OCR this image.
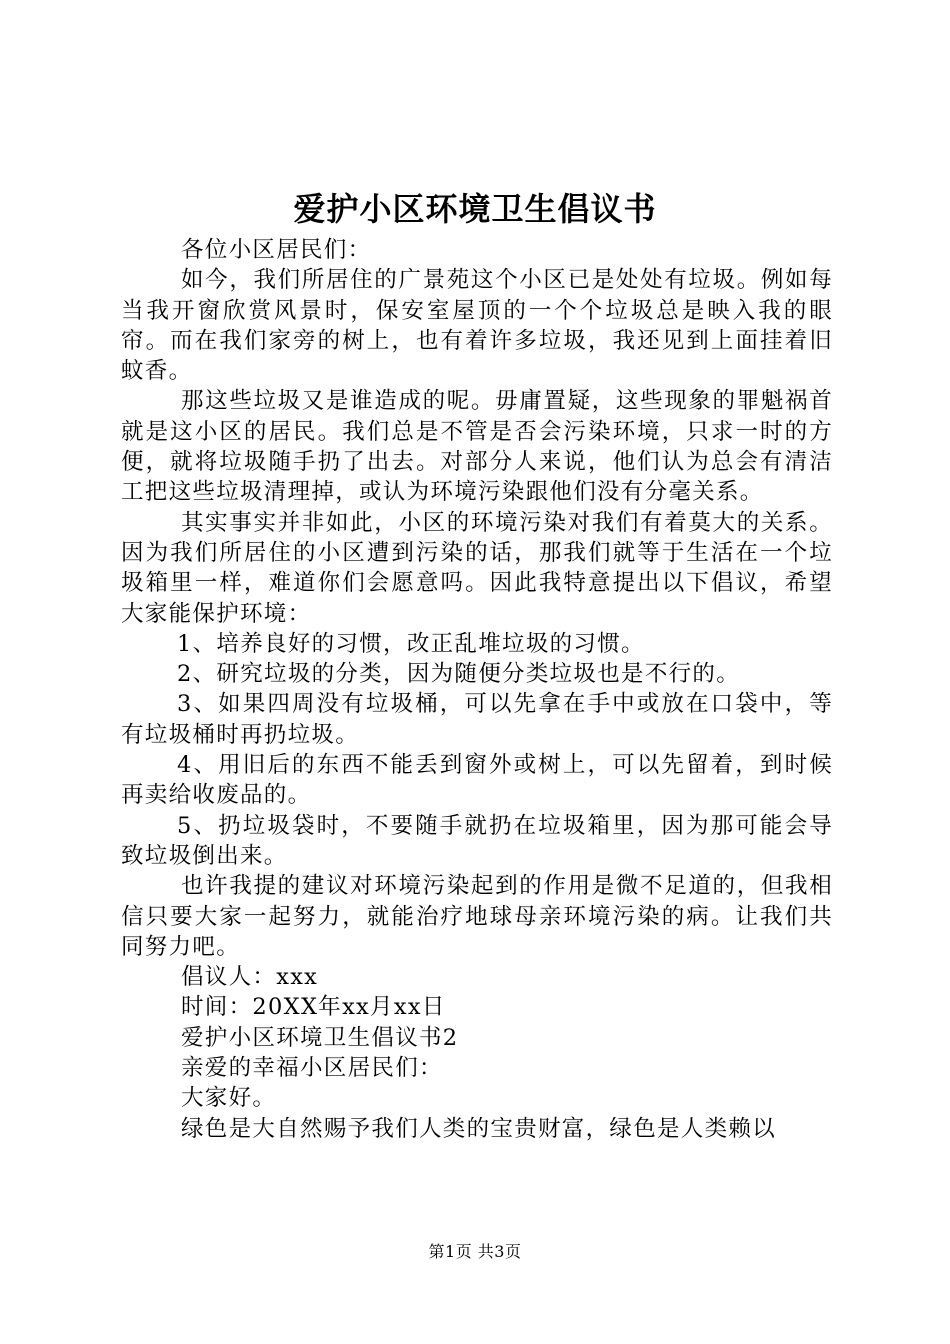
爱护小区环境卫生倡议书

各位小区居民们：

如今，我们所居住的广景苑这个小区已是处处有垃圾。例如每当我开窗欣赏风景时，保安室屋顶的一个个垃圾总是映入我的眼帘。而在我们家旁的树上，也有着许多垃圾，我还见到上面挂着旧蚊香。

那这些垃圾又是谁造成的呢。毋庸置疑，这些现象的罪魁祸首就是这小区的居民。我们总是不管是否会污染环境，只求一时的方便，就将垃圾随手扔了出去。对部分人来说，他们认为总会有清洁工把这些垃圾清理掉，或认为环境污染跟他们没有分毫关系。

其实事实并非如此，小区的环境污染对我们有着莫大的关系。因为我们所居住的小区遭到污染的话，那我们就等于生活在一个垃圾箱里一样，难道你们会愿意吗。因此我特意提出以下倡议，希望大家能保护环境：

1、培养良好的习惯，改正乱堆垃圾的习惯。

2、研究垃圾的分类，因为随便分类垃圾也是不行的。

3、如果四周没有垃圾桶，可以先拿在手中或放在口袋中，等有垃圾桶时再扔垃圾。

4、用旧后的东西不能丢到窗外或树上，可以先留着，到时候再卖给收废品的。

5、扔垃圾袋时，不要随手就扔在垃圾箱里，因为那可能会导致垃圾倒出来。

也许我提的建议对环境污染起到的作用是微不足道的，但我相信只要大家一起努力，就能治疗地球母亲环境污染的病。让我们共同努力吧。

倡议人：xxx

时间：20XX年xx月xx日

爱护小区环境卫生倡议书2

亲爱的幸福小区居民们：

大家好。

绿色是大自然赐予我们人类的宝贵财富，绿色是人类赖以

第1页 共3页
